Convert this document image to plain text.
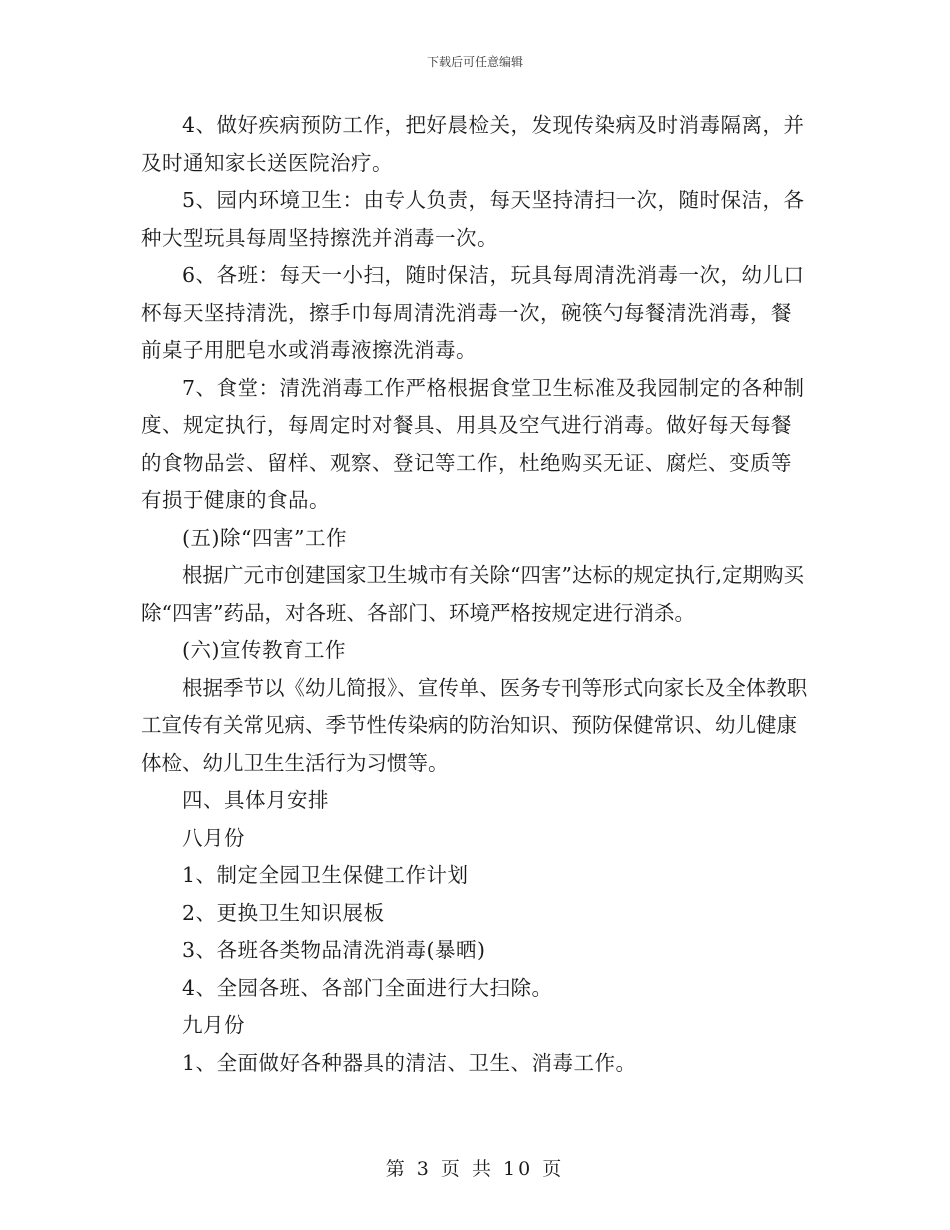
下载后可任意编辑

4、做好疾病预防工作，把好晨检关，发现传染病及时消毒隔离，并及时通知家长送医院治疗。

5、园内环境卫生：由专人负责，每天坚持清扫一次，随时保洁，各种大型玩具每周坚持擦洗并消毒一次。

6、各班：每天一小扫，随时保洁，玩具每周清洗消毒一次，幼儿口杯每天坚持清洗，擦手巾每周清洗消毒一次，碗筷勺每餐清洗消毒，餐前桌子用肥皂水或消毒液擦洗消毒。

7、食堂：清洗消毒工作严格根据食堂卫生标准及我园制定的各种制度、规定执行，每周定时对餐具、用具及空气进行消毒。做好每天每餐的食物品尝、留样、观察、登记等工作，杜绝购买无证、腐烂、变质等有损于健康的食品。

(五)除“四害”工作

根据广元市创建国家卫生城市有关除“四害”达标的规定执行,定期购买除“四害”药品，对各班、各部门、环境严格按规定进行消杀。

(六)宣传教育工作

根据季节以《幼儿简报》、宣传单、医务专刊等形式向家长及全体教职工宣传有关常见病、季节性传染病的防治知识、预防保健常识、幼儿健康体检、幼儿卫生生活行为习惯等。

四、具体月安排

八月份

1、制定全园卫生保健工作计划

2、更换卫生知识展板

3、各班各类物品清洗消毒(暴晒)

4、全园各班、各部门全面进行大扫除。

九月份

1、全面做好各种器具的清洁、卫生、消毒工作。

第 3 页 共 10 页
